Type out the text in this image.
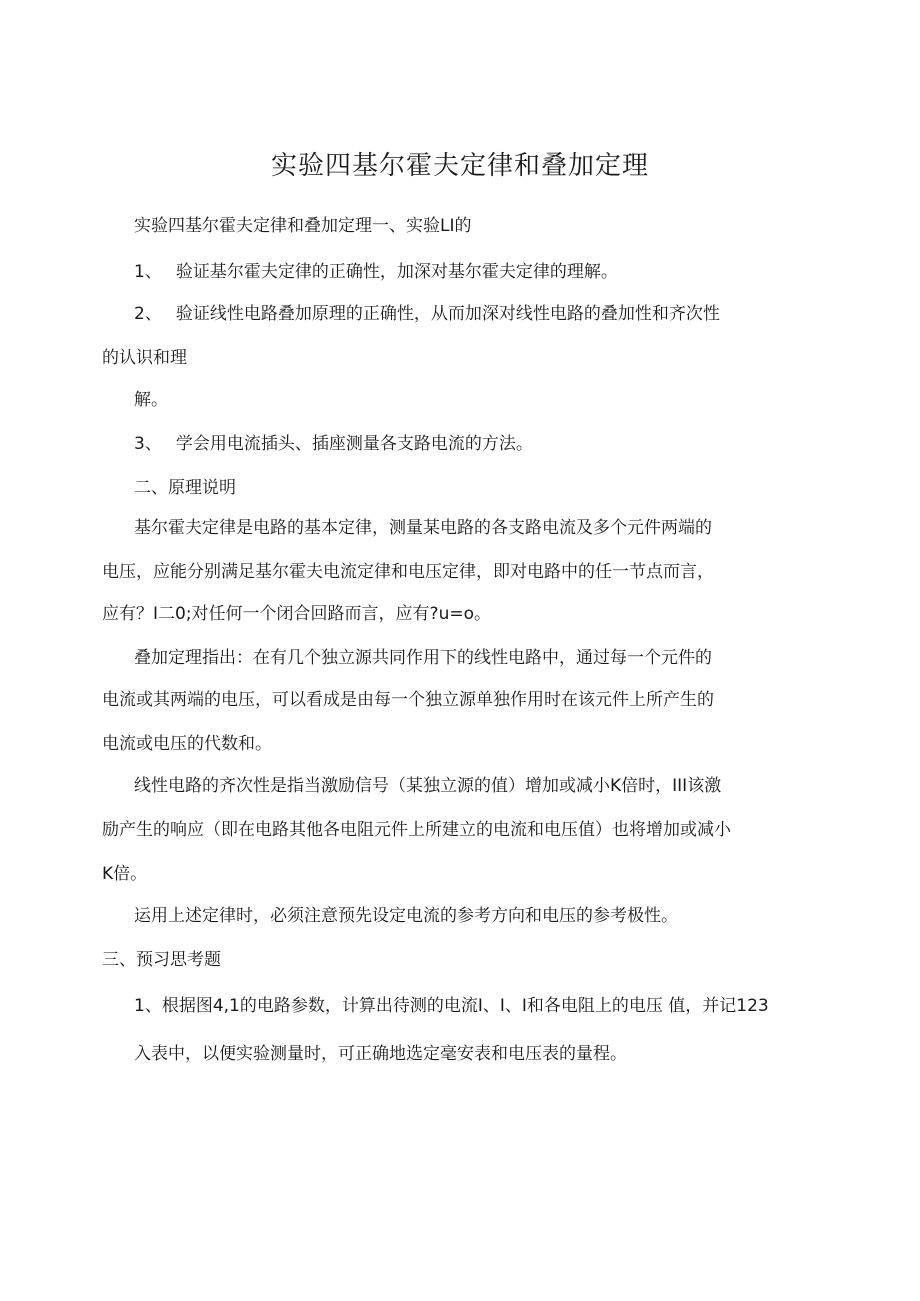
实验四基尔霍夫定律和叠加定理
实验四基尔霍夫定律和叠加定理一、实验LI的
1、 验证基尔霍夫定律的正确性，加深对基尔霍夫定律的理解。
2、 验证线性电路叠加原理的正确性，从而加深对线性电路的叠加性和齐次性
的认识和理
解。
3、 学会用电流插头、插座测量各支路电流的方法。
二、原理说明
基尔霍夫定律是电路的基本定律，测量某电路的各支路电流及多个元件两端的
电压，应能分别满足基尔霍夫电流定律和电压定律，即对电路中的任一节点而言，
应有？I二0;对任何一个闭合回路而言，应有?u=o。
叠加定理指出：在有几个独立源共同作用下的线性电路中，通过每一个元件的
电流或其两端的电压，可以看成是由每一个独立源单独作用时在该元件上所产生的
电流或电压的代数和。
线性电路的齐次性是指当激励信号（某独立源的值）增加或减小K倍时，III该激
励产生的响应（即在电路其他各电阻元件上所建立的电流和电压值）也将增加或减小
K倍。
运用上述定律时，必须注意预先设定电流的参考方向和电压的参考极性。
三、预习思考题
1、根据图4,1的电路参数，计算出待测的电流I、I、I和各电阻上的电压 值，并记123
入表中，以便实验测量时，可正确地选定毫安表和电压表的量程。
